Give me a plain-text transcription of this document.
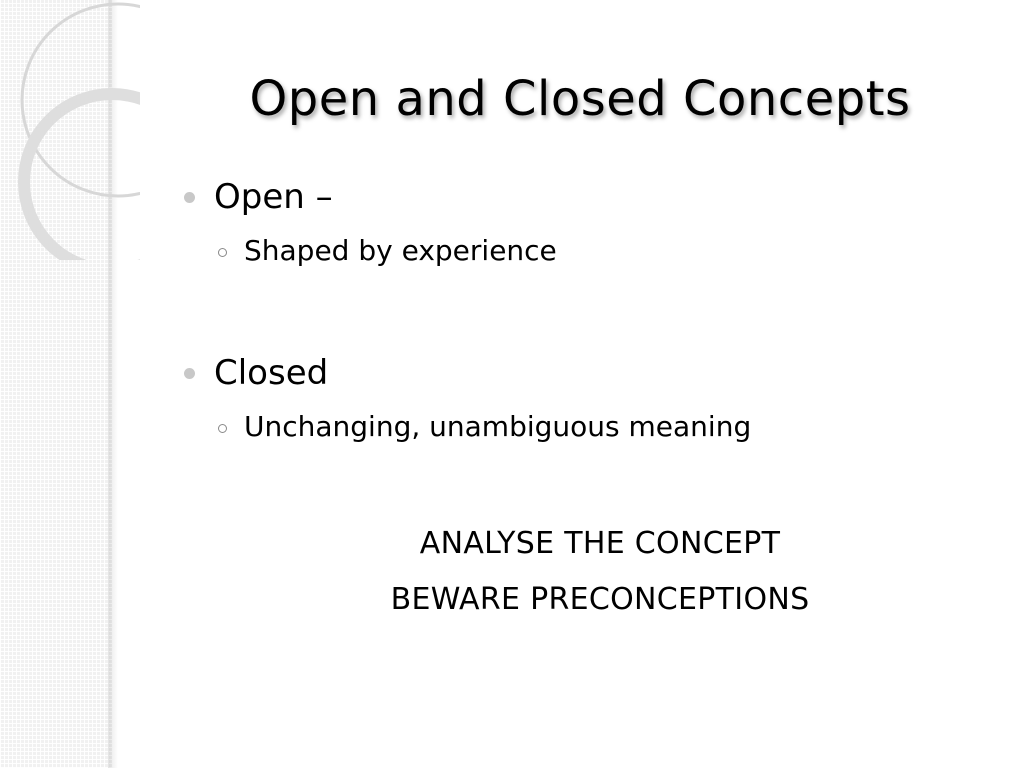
Open and Closed Concepts
Open –
Shaped by experience
Closed
Unchanging, unambiguous meaning
ANALYSE THE CONCEPT
BEWARE PRECONCEPTIONS
